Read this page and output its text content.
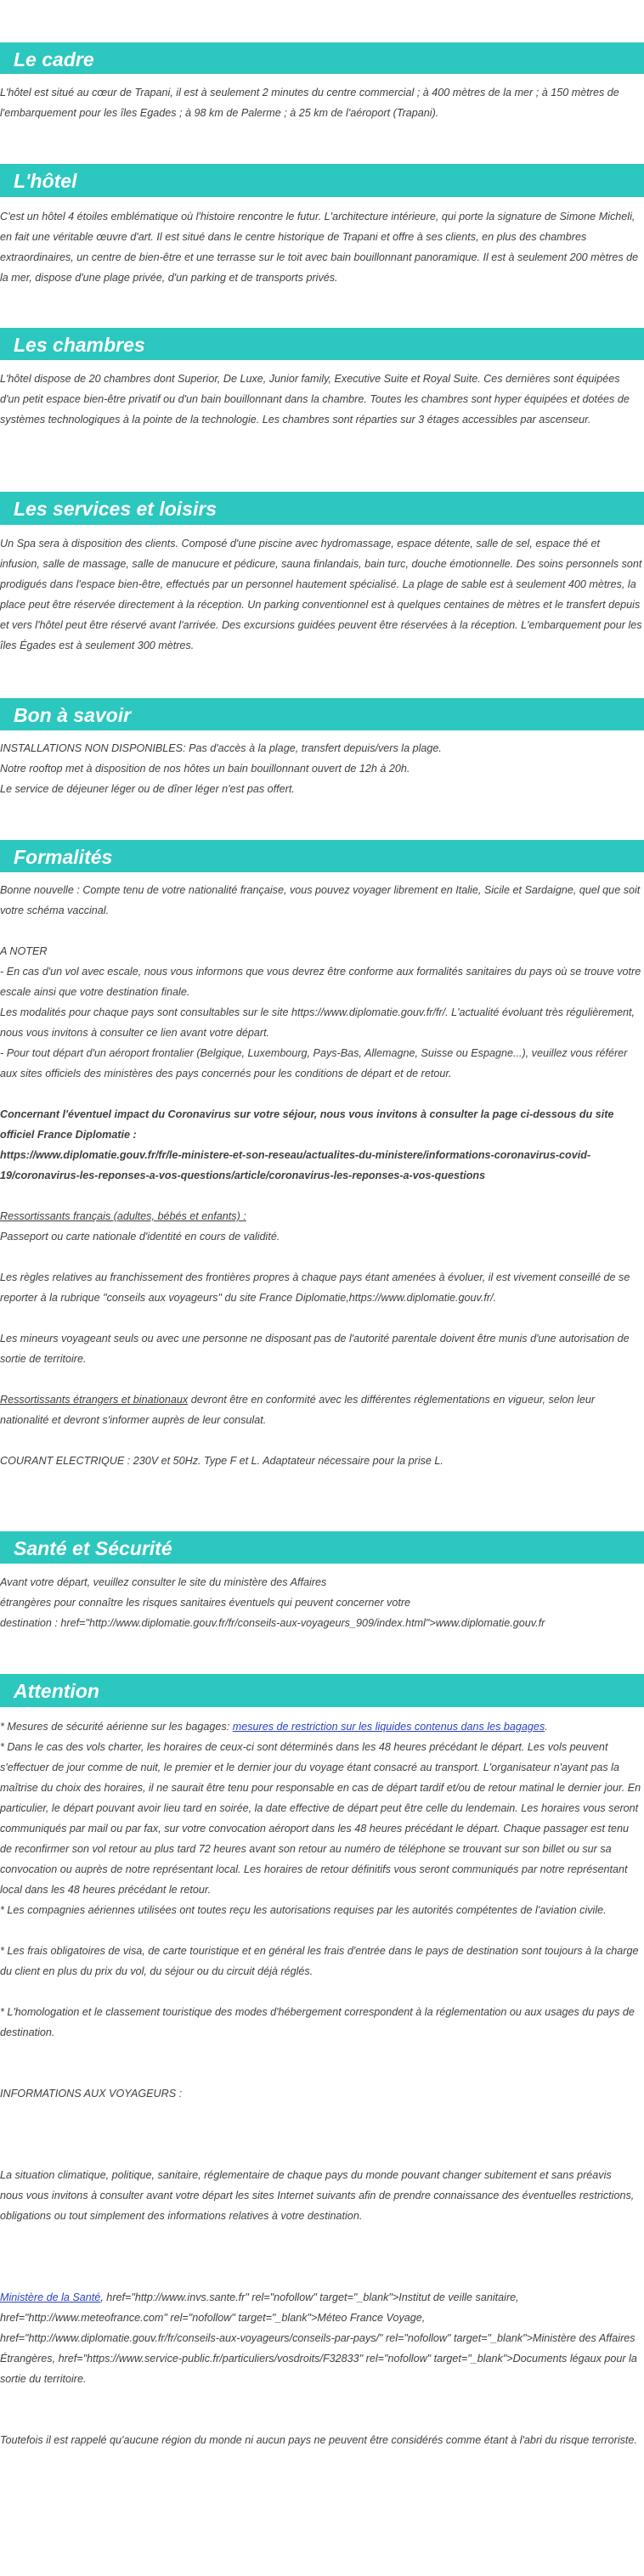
Le cadre

L'hôtel est situé au cœur de Trapani, il est à seulement 2 minutes du centre commercial ; à 400 mètres de la mer ; à 150 mètres de l'embarquement pour les îles Egades ; à 98 km de Palerme ; à 25 km de l'aéroport (Trapani).

L'hôtel

C'est un hôtel 4 étoiles emblématique où l'histoire rencontre le futur. L'architecture intérieure, qui porte la signature de Simone Micheli, en fait une véritable œuvre d'art. Il est situé dans le centre historique de Trapani et offre à ses clients, en plus des chambres extraordinaires, un centre de bien-être et une terrasse sur le toit avec bain bouillonnant panoramique. Il est à seulement 200 mètres de la mer, dispose d'une plage privée, d'un parking et de transports privés.

Les chambres

L'hôtel dispose de 20 chambres dont Superior, De Luxe, Junior family, Executive Suite et Royal Suite. Ces dernières sont équipées d'un petit espace bien-être privatif ou d'un bain bouillonnant dans la chambre. Toutes les chambres sont hyper équipées et dotées de systèmes technologiques à la pointe de la technologie. Les chambres sont réparties sur 3 étages accessibles par ascenseur.

Les services et loisirs

Un Spa sera à disposition des clients. Composé d'une piscine avec hydromassage, espace détente, salle de sel, espace thé et infusion, salle de massage, salle de manucure et pédicure, sauna finlandais, bain turc, douche émotionnelle. Des soins personnels sont prodigués dans l'espace bien-être, effectués par un personnel hautement spécialisé. La plage de sable est à seulement 400 mètres, la place peut être réservée directement à la réception. Un parking conventionnel est à quelques centaines de mètres et le transfert depuis et vers l'hôtel peut être réservé avant l'arrivée. Des excursions guidées peuvent être réservées à la réception. L'embarquement pour les îles Égades est à seulement 300 mètres.

Bon à savoir

INSTALLATIONS NON DISPONIBLES: Pas d'accès à la plage, transfert depuis/vers la plage.

Notre rooftop met à disposition de nos hôtes un bain bouillonnant ouvert de 12h à 20h.

Le service de déjeuner léger ou de dîner léger n'est pas offert.

Formalités

Bonne nouvelle : Compte tenu de votre nationalité française, vous pouvez voyager librement en Italie, Sicile et Sardaigne, quel que soit votre schéma vaccinal.

A NOTER

- En cas d'un vol avec escale, nous vous informons que vous devrez être conforme aux formalités sanitaires du pays où se trouve votre escale ainsi que votre destination finale.

Les modalités pour chaque pays sont consultables sur le site https://www.diplomatie.gouv.fr/fr/. L'actualité évoluant très régulièrement, nous vous invitons à consulter ce lien avant votre départ.

- Pour tout départ d'un aéroport frontalier (Belgique, Luxembourg, Pays-Bas, Allemagne, Suisse ou Espagne...), veuillez vous référer aux sites officiels des ministères des pays concernés pour les conditions de départ et de retour.

Concernant l'éventuel impact du Coronavirus sur votre séjour, nous vous invitons à consulter la page ci-dessous du site officiel France Diplomatie :

https://www.diplomatie.gouv.fr/fr/le-ministere-et-son-reseau/actualites-du-ministere/informations-coronavirus-covid-19/coronavirus-les-reponses-a-vos-questions/article/coronavirus-les-reponses-a-vos-questions

Ressortissants français (adultes, bébés et enfants) :

Passeport ou carte nationale d'identité en cours de validité.

Les règles relatives au franchissement des frontières propres à chaque pays étant amenées à évoluer, il est vivement conseillé de se reporter à la rubrique "conseils aux voyageurs" du site France Diplomatie,https://www.diplomatie.gouv.fr/.

Les mineurs voyageant seuls ou avec une personne ne disposant pas de l'autorité parentale doivent être munis d'une autorisation de sortie de territoire.

Ressortissants étrangers et binationaux devront être en conformité avec les différentes réglementations en vigueur, selon leur nationalité et devront s'informer auprès de leur consulat.

COURANT ELECTRIQUE : 230V et 50Hz. Type F et L. Adaptateur nécessaire pour la prise L.

Santé et Sécurité

Avant votre départ, veuillez consulter le site du ministère des Affaires

étrangères pour connaître les risques sanitaires éventuels qui peuvent concerner votre

destination : href="http://www.diplomatie.gouv.fr/fr/conseils-aux-voyageurs_909/index.html">www.diplomatie.gouv.fr

Attention

* Mesures de sécurité aérienne sur les bagages: mesures de restriction sur les liquides contenus dans les bagages.

* Dans le cas des vols charter, les horaires de ceux-ci sont déterminés dans les 48 heures précédant le départ. Les vols peuvent s'effectuer de jour comme de nuit, le premier et le dernier jour du voyage étant consacré au transport. L'organisateur n'ayant pas la maîtrise du choix des horaires, il ne saurait être tenu pour responsable en cas de départ tardif et/ou de retour matinal le dernier jour. En particulier, le départ pouvant avoir lieu tard en soirée, la date effective de départ peut être celle du lendemain. Les horaires vous seront communiqués par mail ou par fax, sur votre convocation aéroport dans les 48 heures précédant le départ. Chaque passager est tenu de reconfirmer son vol retour au plus tard 72 heures avant son retour au numéro de téléphone se trouvant sur son billet ou sur sa convocation ou auprès de notre représentant local. Les horaires de retour définitifs vous seront communiqués par notre représentant local dans les 48 heures précédant le retour.

* Les compagnies aériennes utilisées ont toutes reçu les autorisations requises par les autorités compétentes de l'aviation civile.

* Les frais obligatoires de visa, de carte touristique et en général les frais d'entrée dans le pays de destination sont toujours à la charge du client en plus du prix du vol, du séjour ou du circuit déjà réglés.

* L'homologation et le classement touristique des modes d'hébergement correspondent à la réglementation ou aux usages du pays de destination.

INFORMATIONS AUX VOYAGEURS :

La situation climatique, politique, sanitaire, réglementaire de chaque pays du monde pouvant changer subitement et sans préavis

nous vous invitons à consulter avant votre départ les sites Internet suivants afin de prendre connaissance des éventuelles restrictions, obligations ou tout simplement des informations relatives à votre destination.

Ministère de la Santé, href="http://www.invs.sante.fr" rel="nofollow" target="_blank">Institut de veille sanitaire, href="http://www.meteofrance.com" rel="nofollow" target="_blank">Méteo France Voyage, href="http://www.diplomatie.gouv.fr/fr/conseils-aux-voyageurs/conseils-par-pays/" rel="nofollow" target="_blank">Ministère des Affaires Étrangères, href="https://www.service-public.fr/particuliers/vosdroits/F32833" rel="nofollow" target="_blank">Documents légaux pour la sortie du territoire.

Toutefois il est rappelé qu'aucune région du monde ni aucun pays ne peuvent être considérés comme étant à l'abri du risque terroriste.
